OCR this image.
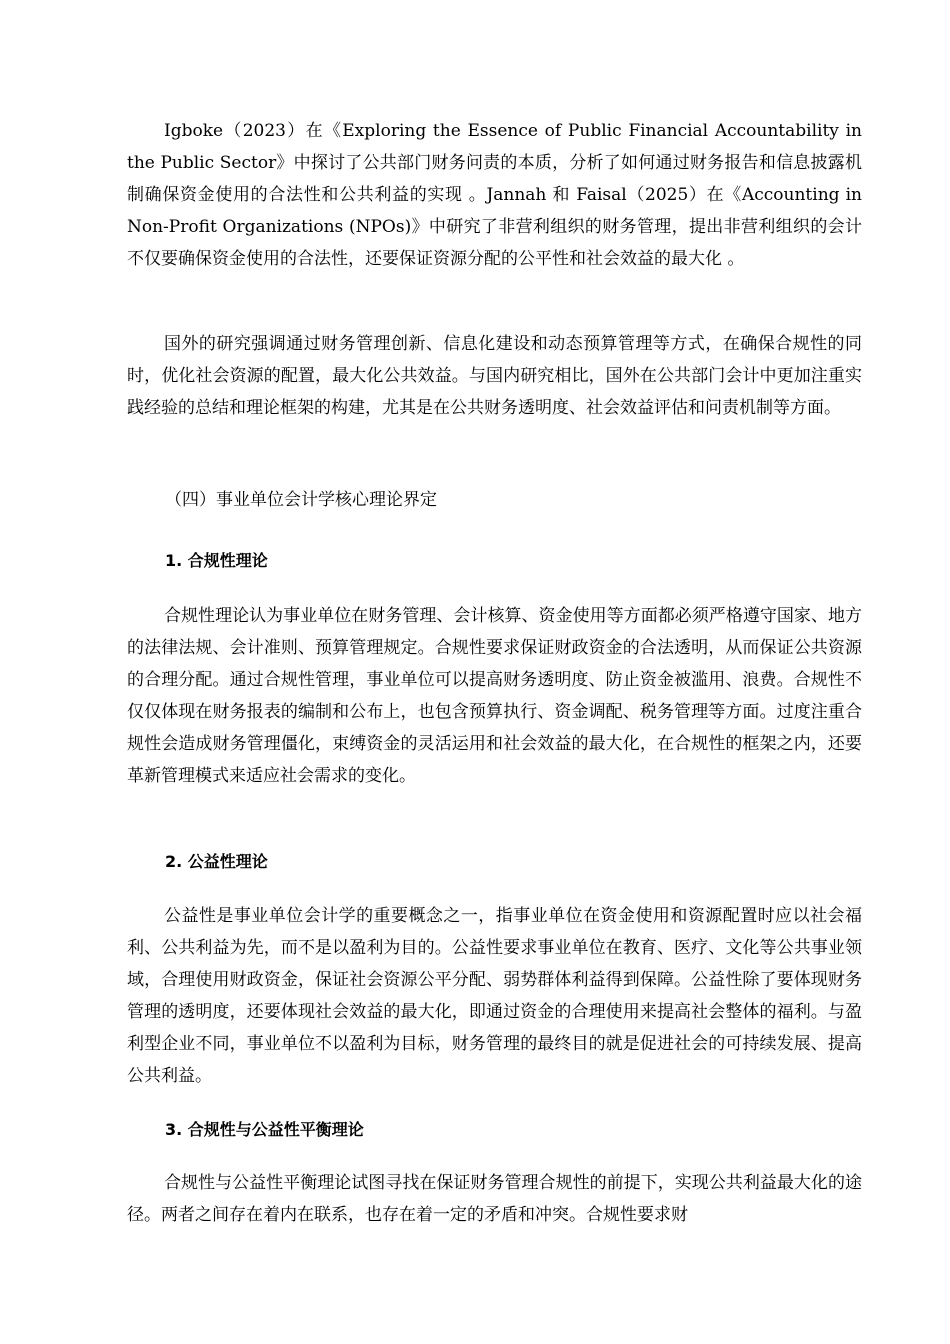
Igboke（2023）在《Exploring the Essence of Public Financial Accountability in the Public Sector》中探讨了公共部门财务问责的本质，分析了如何通过财务报告和信息披露机制确保资金使用的合法性和公共利益的实现 。Jannah 和 Faisal（2025）在《Accounting in Non-Profit Organizations (NPOs)》中研究了非营利组织的财务管理，提出非营利组织的会计不仅要确保资金使用的合法性，还要保证资源分配的公平性和社会效益的最大化 。

国外的研究强调通过财务管理创新、信息化建设和动态预算管理等方式，在确保合规性的同时，优化社会资源的配置，最大化公共效益。与国内研究相比，国外在公共部门会计中更加注重实践经验的总结和理论框架的构建，尤其是在公共财务透明度、社会效益评估和问责机制等方面。

（四）事业单位会计学核心理论界定
1. 合规性理论

合规性理论认为事业单位在财务管理、会计核算、资金使用等方面都必须严格遵守国家、地方的法律法规、会计准则、预算管理规定。合规性要求保证财政资金的合法透明，从而保证公共资源的合理分配。通过合规性管理，事业单位可以提高财务透明度、防止资金被滥用、浪费。合规性不仅仅体现在财务报表的编制和公布上，也包含预算执行、资金调配、税务管理等方面。过度注重合规性会造成财务管理僵化，束缚资金的灵活运用和社会效益的最大化，在合规性的框架之内，还要革新管理模式来适应社会需求的变化。

2. 公益性理论

公益性是事业单位会计学的重要概念之一，指事业单位在资金使用和资源配置时应以社会福利、公共利益为先，而不是以盈利为目的。公益性要求事业单位在教育、医疗、文化等公共事业领域，合理使用财政资金，保证社会资源公平分配、弱势群体利益得到保障。公益性除了要体现财务管理的透明度，还要体现社会效益的最大化，即通过资金的合理使用来提高社会整体的福利。与盈利型企业不同，事业单位不以盈利为目标，财务管理的最终目的就是促进社会的可持续发展、提高公共利益。

3. 合规性与公益性平衡理论

合规性与公益性平衡理论试图寻找在保证财务管理合规性的前提下，实现公共利益最大化的途径。两者之间存在着内在联系，也存在着一定的矛盾和冲突。合规性要求财
